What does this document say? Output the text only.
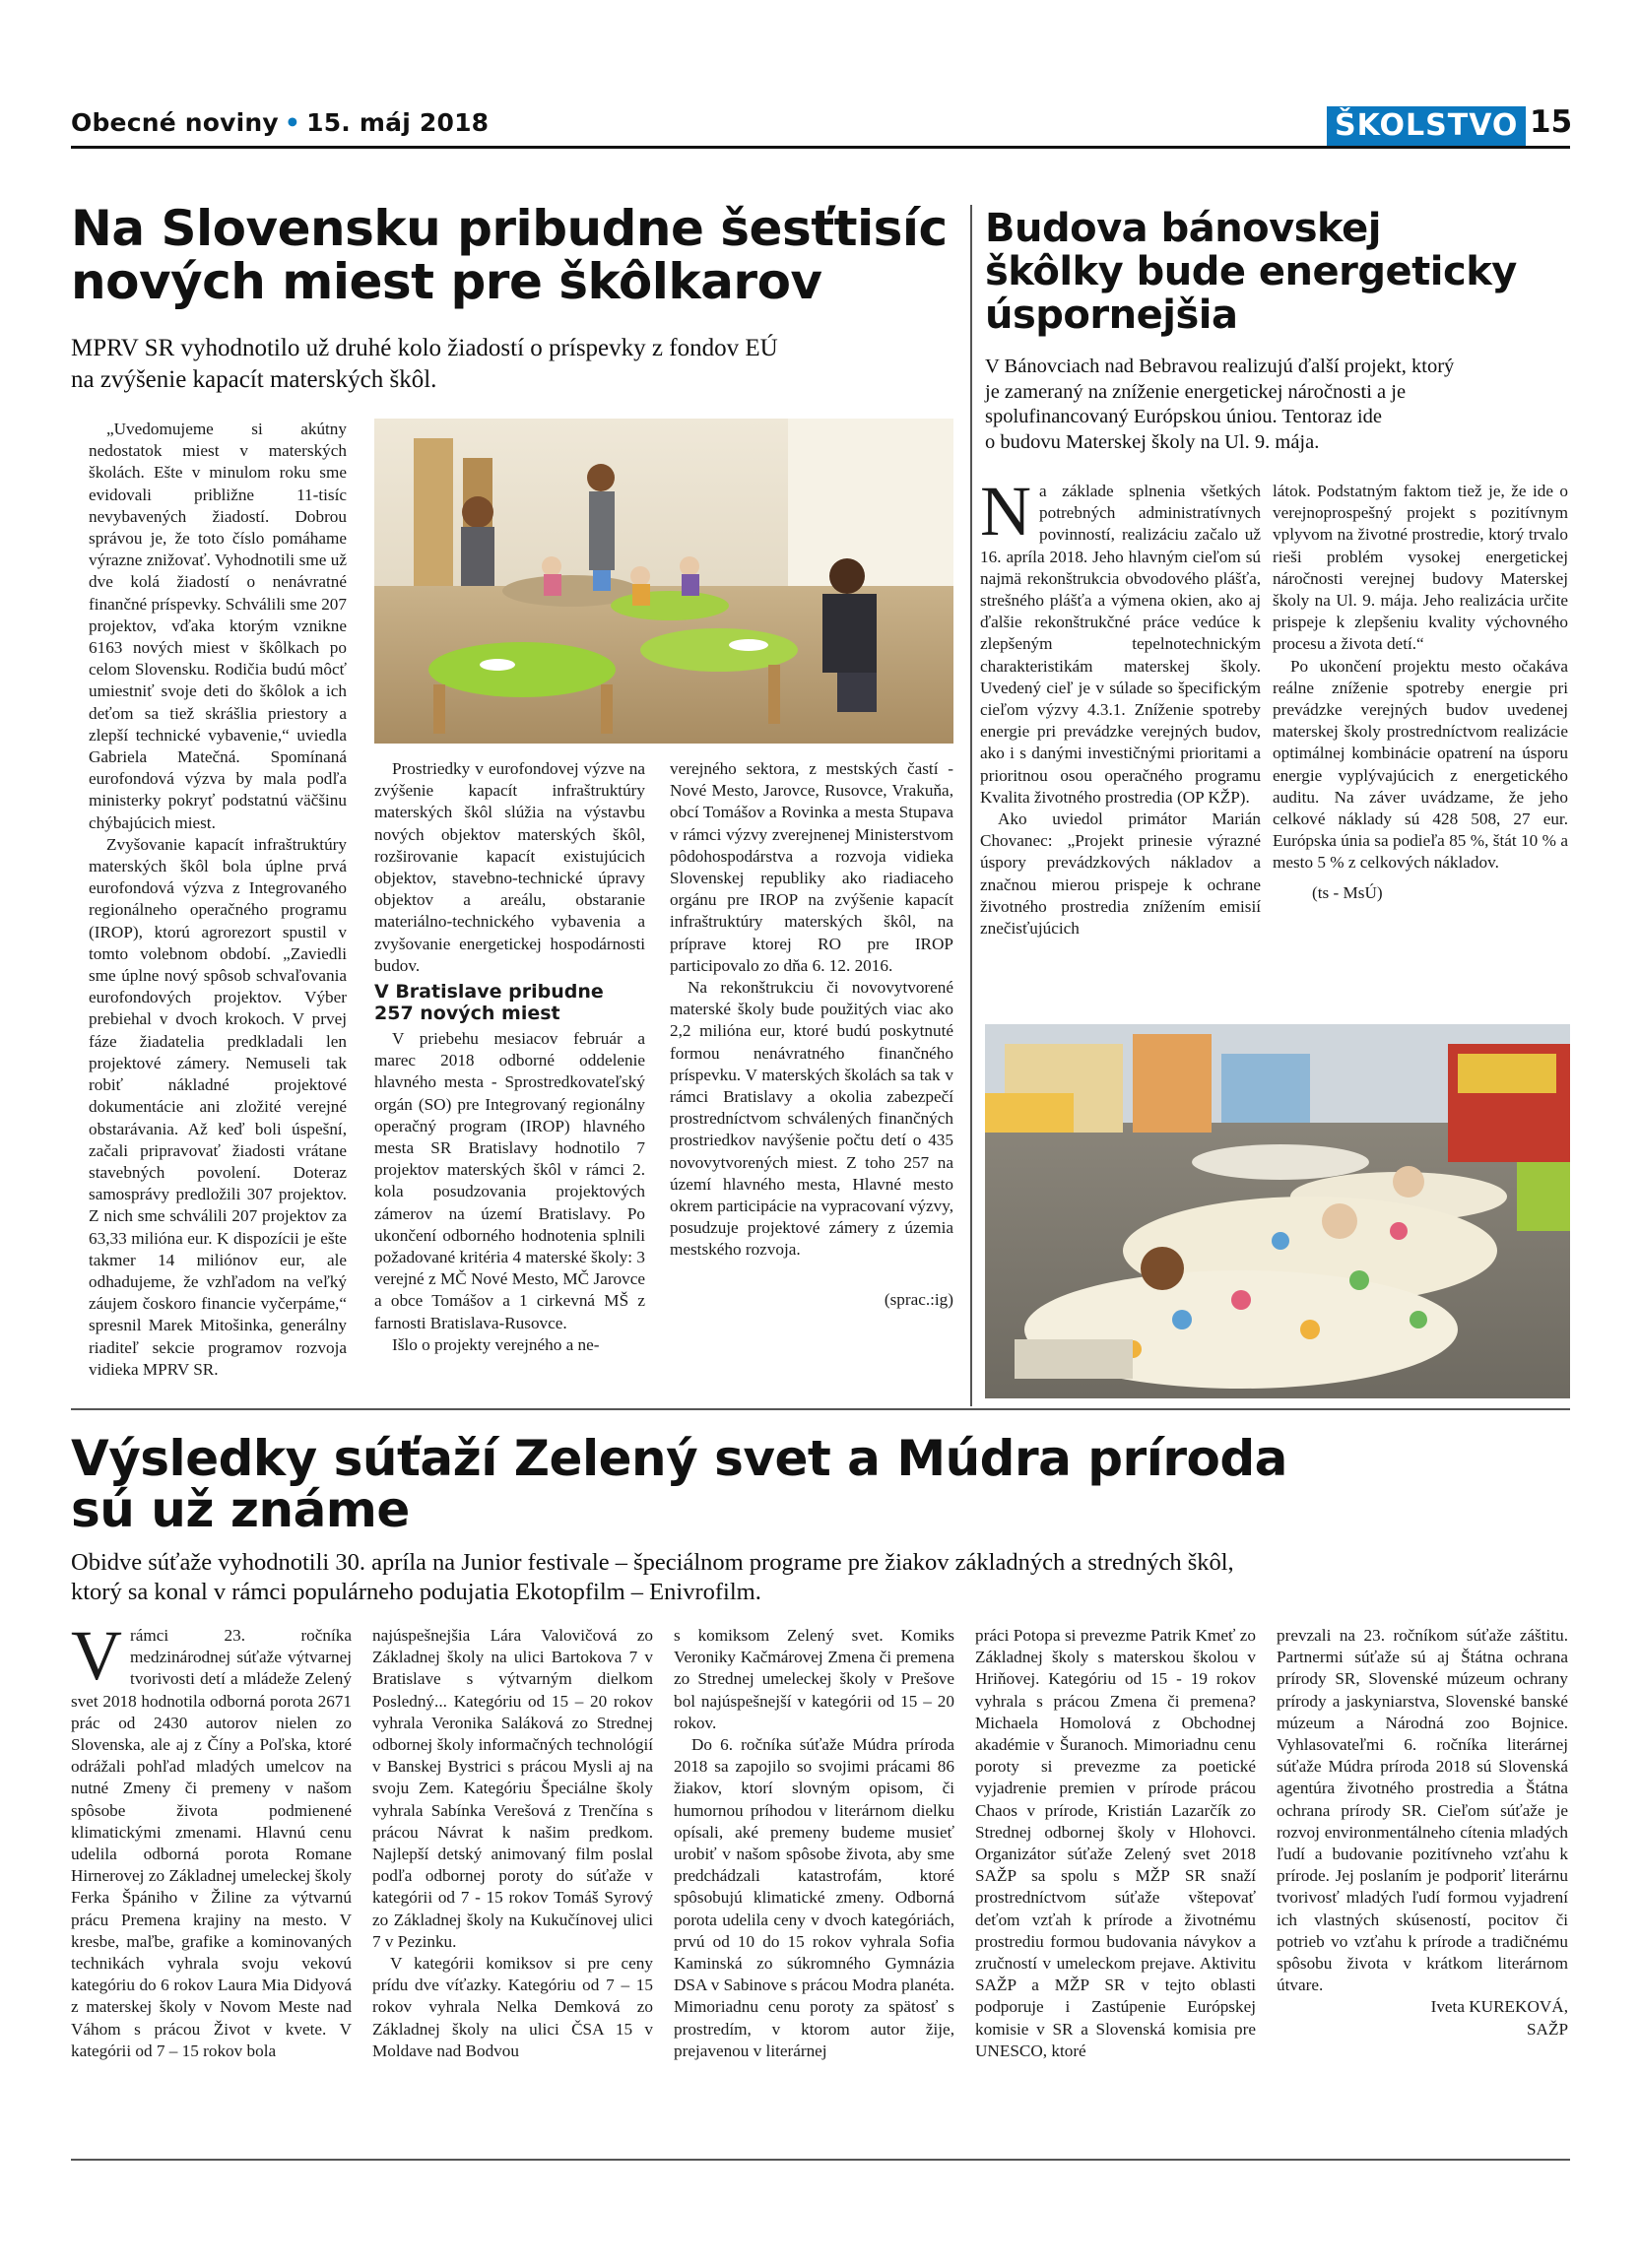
Obecné noviny • 15. máj 2018	ŠKOLSTVO 15
Na Slovensku pribudne šesťtisíc
nových miest pre škôlkarov
MPRV SR vyhodnotilo už druhé kolo žiadostí o príspevky z fondov EÚ
na zvýšenie kapacít materských škôl.

„Uvedomujeme si akútny nedostatok miest v materských školách. Ešte v minulom roku sme evidovali približne 11-tisíc nevybavených žiadostí. Dobrou správou je, že toto číslo pomáhame výrazne znižovať. Vyhodnotili sme už dve kolá žiadostí o nenávratné finančné príspevky. Schválili sme 207 projektov, vďaka ktorým vznikne 6163 nových miest v škôlkach po celom Slovensku. Rodičia budú môcť umiestniť svoje deti do škôlok a ich deťom sa tiež skrášlia priestory a zlepší technické vybavenie,“ uviedla Gabriela Matečná. Spomínaná eurofondová výzva by mala podľa ministerky pokryť podstatnú väčšinu chýbajúcich miest.

Zvyšovanie kapacít infraštruktúry materských škôl bola úplne prvá eurofondová výzva z Integrovaného regionálneho operačného programu (IROP), ktorú agrorezort spustil v tomto volebnom období. „Zaviedli sme úplne nový spôsob schvaľovania eurofondových projektov. Výber prebiehal v dvoch krokoch. V prvej fáze žiadatelia predkladali len projektové zámery. Nemuseli tak robiť nákladné projektové dokumentácie ani zložité verejné obstarávania. Až keď boli úspešní, začali pripravovať žiadosti vrátane stavebných povolení. Doteraz samosprávy predložili 307 projektov. Z nich sme schválili 207 projektov za 63,33 miliónа eur. K dispozícii je ešte takmer 14 miliónov eur, ale odhadujeme, že vzhľadom na veľký záujem čoskoro financie vyčerpáme,“ spresnil Marek Mitošinka, generálny riaditeľ sekcie programov rozvoja vidieka MPRV SR.

Prostriedky v eurofondovej výzve na zvýšenie kapacít infraštruktúry materských škôl slúžia na výstavbu nových objektov materských škôl, rozširovanie kapacít existujúcich objektov, stavebno-technické úpravy objektov a areálu, obstaranie materiálno-technického vybavenia a zvyšovanie energetickej hospodárnosti budov.

V Bratislave pribudne
257 nových miest

V priebehu mesiacov február a marec 2018 odborné oddelenie hlavného mesta - Sprostredkovateľský orgán (SO) pre Integrovaný regionálny operačný program (IROP) hlavného mesta SR Bratislavy hodnotilo 7 projektov materských škôl v rámci 2. kola posudzovania projektových zámerov na území Bratislavy. Po ukončení odborného hodnotenia splnili požadované kritéria 4 materské školy: 3 verejné z MČ Nové Mesto, MČ Jarovce a obce Tomášov a 1 cirkevná MŠ z farnosti Bratislava-Rusovce.

Išlo o projekty verejného a ne-

verejného sektora, z mestských častí - Nové Mesto, Jarovce, Rusovce, Vrakuňa, obcí Tomášov a Rovinka a mesta Stupava v rámci výzvy zverejnenej Ministerstvom pôdohospodárstva a rozvoja vidieka Slovenskej republiky ako riadiaceho orgánu pre IROP na zvýšenie kapacít infraštruktúry materských škôl, na príprave ktorej RO pre IROP participovalo zo dňa 6. 12. 2016.

Na rekonštrukciu či novovytvorené materské školy bude použitých viac ako 2,2 milióna eur, ktoré budú poskytnuté formou nenávratného finančného príspevku. V materských školách sa tak v rámci Bratislavy a okolia zabezpečí prostredníctvom schválených finančných prostriedkov navýšenie počtu detí o 435 novovytvorených miest. Z toho 257 na území hlavného mesta, Hlavné mesto okrem participácie na vypracovaní výzvy, posudzuje projektové zámery z územia mestského rozvoja.

(sprac.:ig)

Budova bánovskej
škôlky bude energeticky
úspornejšia
V Bánovciach nad Bebravou realizujú ďalší projekt, ktorý
je zameraný na zníženie energetickej náročnosti a je
spolufinancovaný Európskou úniou. Tentoraz ide
o budovu Materskej školy na Ul. 9. mája.

Na základe splnenia všetkých potrebných administratívnych povinností, realizáciu začalo už 16. apríla 2018. Jeho hlavným cieľom sú najmä rekonštrukcia obvodového plášťa, strešného plášťa a výmena okien, ako aj ďalšie rekonštrukčné práce vedúce k zlepšeným tepelnotechnickým charakteristikám materskej školy. Uvedený cieľ je v súlade so špecifickým cieľom výzvy 4.3.1. Zníženie spotreby energie pri prevádzke verejných budov, ako i s danými investičnými prioritami a prioritnou osou operačného programu Kvalita životného prostredia (OP KŽP).

Ako uviedol primátor Marián Chovanec: „Projekt prinesie výrazné úspory prevádzkových nákladov a značnou mierou prispeje k ochrane životného prostredia znížením emisií znečisťujúcich

látok. Podstatným faktom tiež je, že ide o verejnoprospešný projekt s pozitívnym vplyvom na životné prostredie, ktorý trvalo rieši problém vysokej energetickej náročnosti verejnej budovy Materskej školy na Ul. 9. mája. Jeho realizácia určite prispeje k zlepšeniu kvality výchovného procesu a života detí.“

Po ukončení projektu mesto očakáva reálne zníženie spotreby energie pri prevádzke verejných budov uvedenej materskej školy prostredníctvom realizácie optimálnej kombinácie opatrení na úsporu energie vyplývajúcich z energetického auditu. Na záver uvádzame, že jeho celkové náklady sú 428 508, 27 eur. Európska únia sa podieľa 85 %, štát 10 % a mesto 5 % z celkových nákladov.

(ts - MsÚ)

Výsledky súťaží Zelený svet a Múdra príroda
sú už známe
Obidve súťaže vyhodnotili 30. apríla na Junior festivale – špeciálnom programe pre žiakov základných a stredných škôl,
ktorý sa konal v rámci populárneho podujatia Ekotopfilm – Enivrofilm.

Vrámci 23. ročníka medzinárodnej súťaže výtvarnej tvorivosti detí a mládeže Zelený svet 2018 hodnotila odborná porota 2671 prác od 2430 autorov nielen zo Slovenska, ale aj z Číny a Poľska, ktoré odrážali pohľad mladých umelcov na nutné Zmeny či premeny v našom spôsobe života podmienené klimatickými zmenami. Hlavnú cenu udelila odborná porota Romane Hirnerovej zo Základnej umeleckej školy Ferka Špániho v Žiline za výtvarnú prácu Premena krajiny na mesto. V kresbe, maľbe, grafike a kominovaných technikách vyhrala svoju vekovú kategóriu do 6 rokov Laura Mia Didyová z materskej školy v Novom Meste nad Váhom s prácou Život v kvete. V kategórii od 7 – 15 rokov bola

najúspešnejšia Lára Valovičová zo Základnej školy na ulici Bartokova 7 v Bratislave s výtvarným dielkom Posledný... Kategóriu od 15 – 20 rokov vyhrala Veronika Saláková zo Strednej odbornej školy informačných technológií v Banskej Bystrici s prácou Mysli aj na svoju Zem. Kategóriu Špeciálne školy vyhrala Sabínka Verešová z Trenčína s prácou Návrat k našim predkom. Najlepší detský animovaný film poslal podľa odbornej poroty do súťaže v kategórii od 7 - 15 rokov Tomáš Syrový zo Základnej školy na Kukučínovej ulici 7 v Pezinku.

V kategórii komiksov si pre ceny prídu dve víťazky. Kategóriu od 7 – 15 rokov vyhrala Nelka Demková zo Základnej školy na ulici ČSA 15 v Moldave nad Bodvou

s komiksom Zelený svet. Komiks Veroniky Kačmárovej Zmena či premena zo Strednej umeleckej školy v Prešove bol najúspešnejší v kategórii od 15 – 20 rokov.

Do 6. ročníka súťaže Múdra príroda 2018 sa zapojilo so svojimi prácami 86 žiakov, ktorí slovným opisom, či humornou príhodou v literárnom dielku opísali, aké premeny budeme musieť urobiť v našom spôsobe života, aby sme predchádzali katastrofám, ktoré spôsobujú klimatické zmeny. Odborná porota udelila ceny v dvoch kategóriách, prvú od 10 do 15 rokov vyhrala Sofia Kaminská zo súkromného Gymnázia DSA v Sabinove s prácou Modra planéta. Mimoriadnu cenu poroty za spätosť s prostredím, v ktorom autor žije, prejavenou v literárnej

práci Potopa si prevezme Patrik Kmeť zo Základnej školy s materskou školou v Hriňovej. Kategóriu od 15 - 19 rokov vyhrala s prácou Zmena či premena? Michaela Homolová z Obchodnej akadémie v Šuranoch. Mimoriadnu cenu poroty si prevezme za poetické vyjadrenie premien v prírode prácou Chaos v prírode, Kristián Lazarčík zo Strednej odbornej školy v Hlohovci. Organizátor súťaže Zelený svet 2018 SAŽP sa spolu s MŽP SR snaží prostredníctvom súťaže vštepovať deťom vzťah k prírode a životnému prostrediu formou budovania návykov a zručností v umeleckom prejave. Aktivitu SAŽP a MŽP SR v tejto oblasti podporuje i Zastúpenie Európskej komisie v SR a Slovenská komisia pre UNESCO, ktoré

prevzali na 23. ročníkom súťaže záštitu. Partnermi súťaže sú aj Štátna ochrana prírody SR, Slovenské múzeum ochrany prírody a jaskyniarstva, Slovenské banské múzeum a Národná zoo Bojnice. Vyhlasovateľmi 6. ročníka literárnej súťaže Múdra príroda 2018 sú Slovenská agentúra životného prostredia a Štátna ochrana prírody SR. Cieľom súťaže je rozvoj environmentálneho cítenia mladých ľudí a budovanie pozitívneho vzťahu k prírode. Jej poslaním je podporiť literárnu tvorivosť mladých ľudí formou vyjadrení ich vlastných skúseností, pocitov či potrieb vo vzťahu k prírode a tradičnému spôsobu života v krátkom literárnom útvare.

Iveta KUREKOVÁ,

SAŽP
